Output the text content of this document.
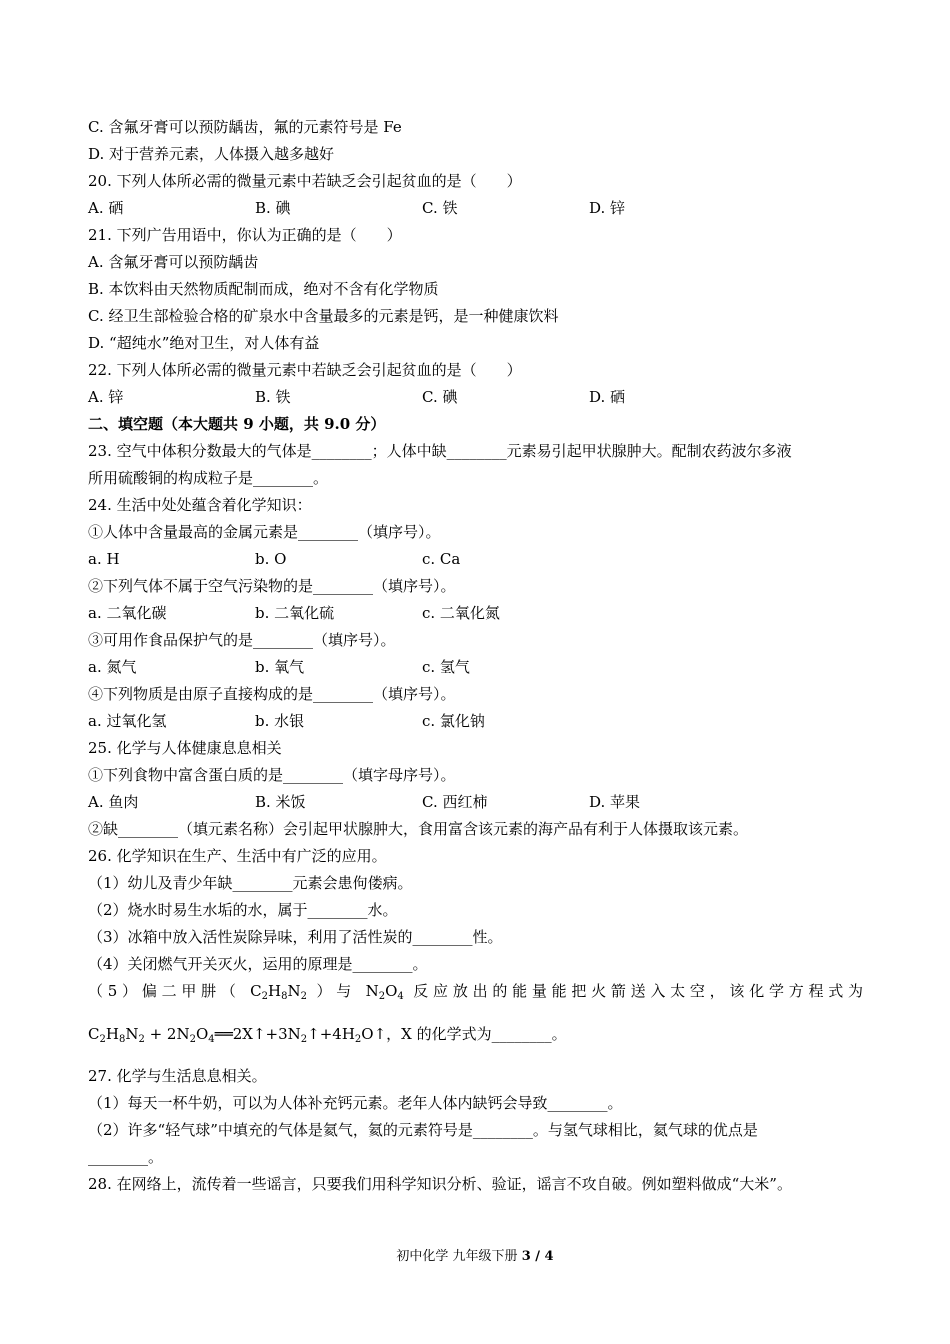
C. 含氟牙膏可以预防龋齿，氟的元素符号是 Fe
D. 对于营养元素，人体摄入越多越好
20. 下列人体所必需的微量元素中若缺乏会引起贫血的是（　　）
A. 硒	B. 碘	C. 铁	D. 锌
21. 下列广告用语中，你认为正确的是（　　）
A. 含氟牙膏可以预防龋齿
B. 本饮料由天然物质配制而成，绝对不含有化学物质
C. 经卫生部检验合格的矿泉水中含量最多的元素是钙，是一种健康饮料
D. “超纯水”绝对卫生，对人体有益
22. 下列人体所必需的微量元素中若缺乏会引起贫血的是（　　）
A. 锌	B. 铁	C. 碘	D. 硒
二、填空题（本大题共 9 小题，共 9.0 分）
23. 空气中体积分数最大的气体是________；人体中缺________元素易引起甲状腺肿大。配制农药波尔多液
所用硫酸铜的构成粒子是________。
24. 生活中处处蕴含着化学知识：
①人体中含量最高的金属元素是________（填序号）。
a. H	b. O	c. Ca
②下列气体不属于空气污染物的是________（填序号）。
a. 二氧化碳	b. 二氧化硫	c. 二氧化氮
③可用作食品保护气的是________（填序号）。
a. 氮气	b. 氧气	c. 氢气
④下列物质是由原子直接构成的是________（填序号）。
a. 过氧化氢	b. 水银	c. 氯化钠
25. 化学与人体健康息息相关
①下列食物中富含蛋白质的是________（填字母序号）。
A. 鱼肉	B. 米饭	C. 西红柿	D. 苹果
②缺________（填元素名称）会引起甲状腺肿大，食用富含该元素的海产品有利于人体摄取该元素。
26. 化学知识在生产、生活中有广泛的应用。
（1）幼儿及青少年缺________元素会患佝偻病。
（2）烧水时易生水垢的水，属于________水。
（3）冰箱中放入活性炭除异味，利用了活性炭的________性。
（4）关闭燃气开关灭火，运用的原理是________。
（5）偏二甲肼（ $C_2H_8N_2$ ）与 $N_2O_4$ 反应放出的能量能把火箭送入太空，该化学方程式为
$C_2H_8N_2$ + $2N_2O_4══2X↑+3N_2↑+4H_2O↑$，X 的化学式为________。
27. 化学与生活息息相关。
（1）每天一杯牛奶，可以为人体补充钙元素。老年人体内缺钙会导致________。
（2）许多“轻气球”中填充的气体是氦气，氦的元素符号是________。与氢气球相比，氦气球的优点是
________。
28. 在网络上，流传着一些谣言，只要我们用科学知识分析、验证，谣言不攻自破。例如塑料做成“大米”。
初中化学 九年级下册 3 / 4
